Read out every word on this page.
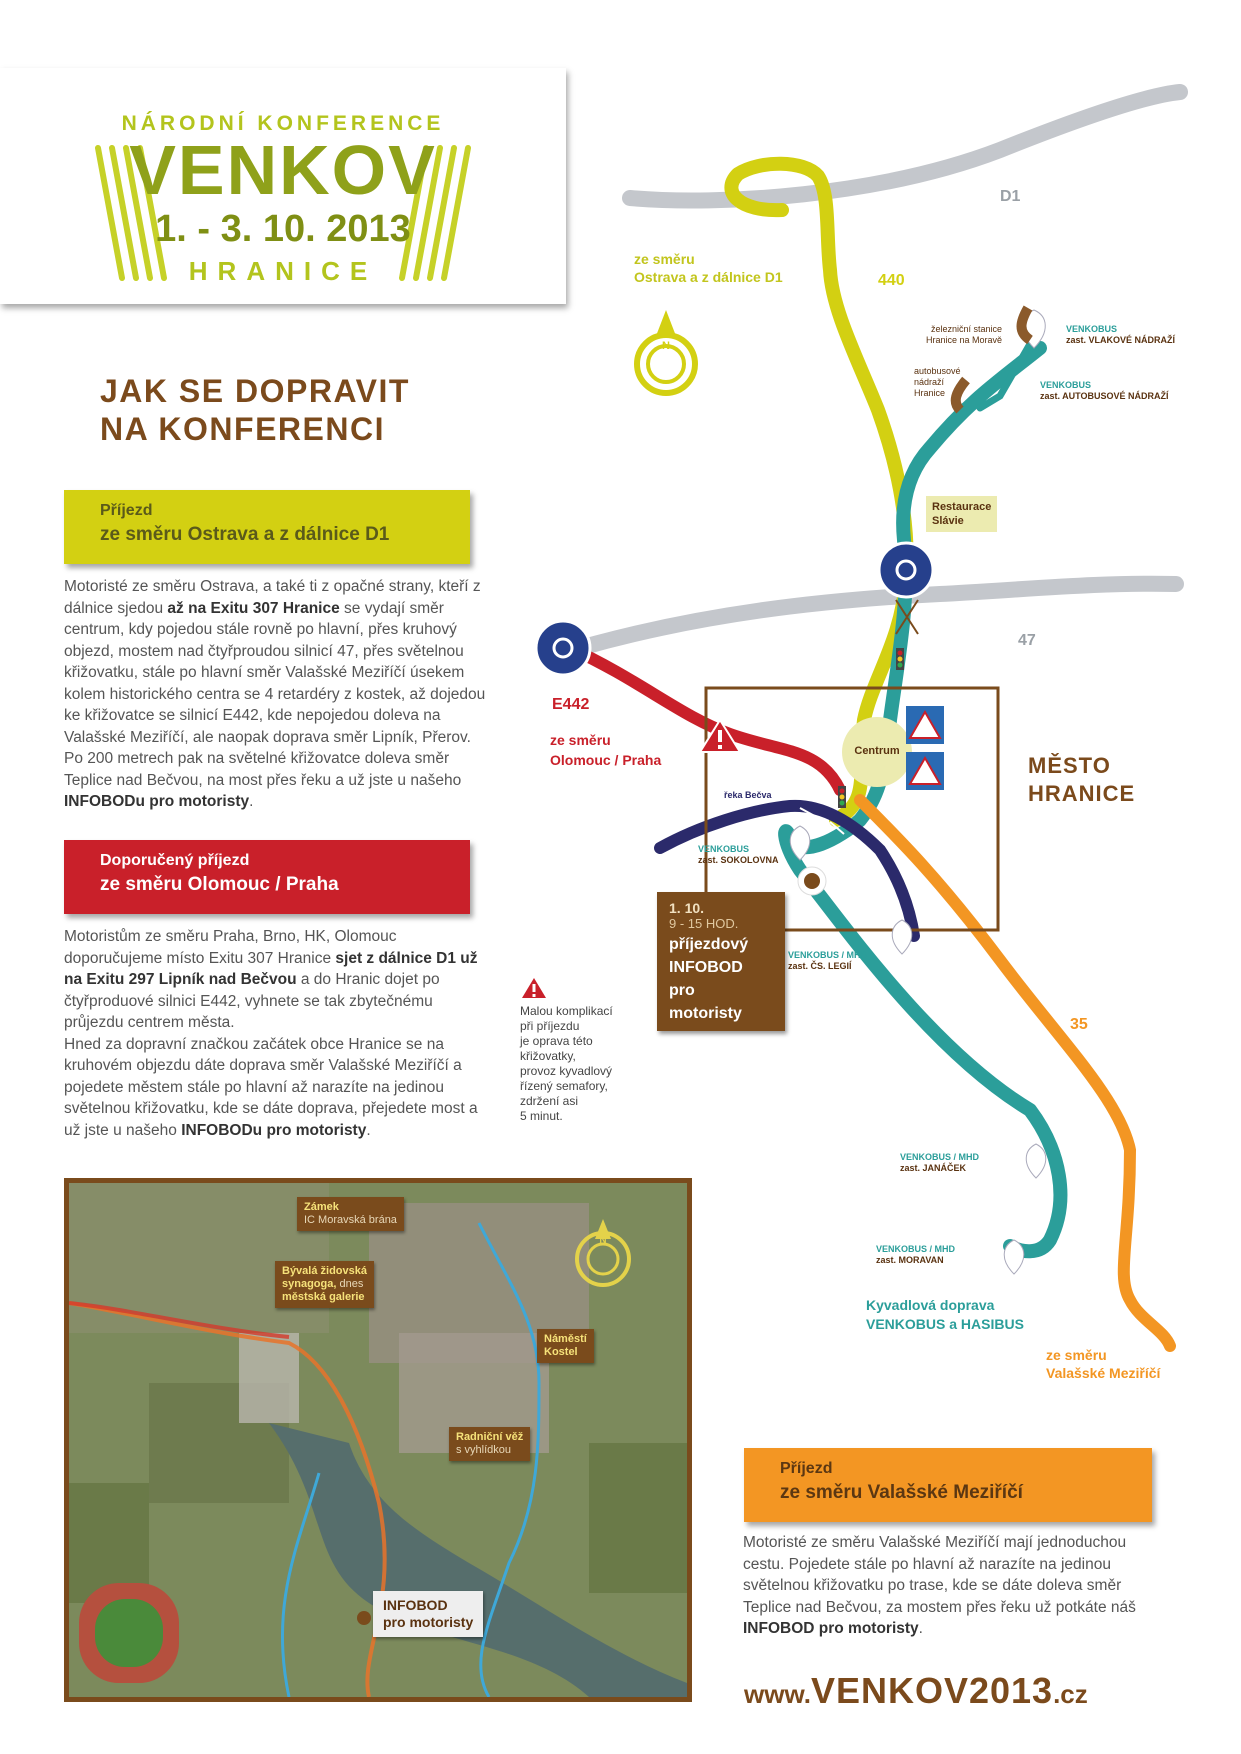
NÁRODNÍ KONFERENCE
VENKOV
1. - 3. 10. 2013
HRANICE
JAK SE DOPRAVIT
NA KONFERENCI
Příjezd
ze směru Ostrava a z dálnice D1
Motoristé ze směru Ostrava, a také ti z opačné strany, kteří z dálnice sjedou až na Exitu 307 Hranice se vydají směr centrum, kdy pojedou stále rovně po hlavní, přes kruhový objezd, mostem nad čtyřproudou silnicí 47, přes světelnou křižovatku, stále po hlavní směr Valašské Meziříčí úsekem kolem historického centra se 4 retardéry z kostek, až dojedou ke křižovatce se silnicí E442, kde nepojedou doleva na Valašské Meziříčí, ale naopak doprava směr Lipník, Přerov. Po 200 metrech pak na světelné křižovatce doleva směr Teplice nad Bečvou, na most přes řeku a už jste u našeho INFOBODu pro motoristy.
Doporučený příjezd
ze směru Olomouc / Praha
Motoristům ze směru Praha, Brno, HK, Olomouc doporučujeme místo Exitu 307 Hranice sjet z dálnice D1 už na Exitu 297 Lipník nad Bečvou a do Hranic dojet po čtyřproduové silnici E442, vyhnete se tak zbytečnému průjezdu centrem města.
Hned za dopravní značkou začátek obce Hranice se na kruhovém objezdu dáte doprava směr Valašské Meziříčí a pojedete městem stále po hlavní až narazíte na jedinou světelnou křižovatku, kde se dáte doprava, přejedete most a už jste u našeho INFOBODu pro motoristy.
Příjezd
ze směru Valašské Meziříčí
Motoristé ze směru Valašské Meziříčí mají jednoduchou cestu. Pojedete stále po hlavní až narazíte na jedinou světelnou křižovatku po trase, kde se dáte doleva směr Teplice nad Bečvou, za mostem přes řeku už potkáte náš INFOBOD pro motoristy.
www.VENKOV2013.cz
D1
440
47
35
E442
N
ze směru
Ostrava a z dálnice D1
ze směru
Olomouc / Praha
ze směru
Valašské Meziříčí
železniční stanice
Hranice na Moravě
autobusové
nádraží
Hranice
VENKOBUS
zast. VLAKOVÉ NÁDRAŽÍ
VENKOBUS
zast. AUTOBUSOVÉ NÁDRAŽÍ
Restaurace
Slávie
Centrum
MĚSTO
HRANICE
řeka Bečva
VENKOBUS
zast. SOKOLOVNA
VENKOBUS / MHD
zast. ČS. LEGIÍ
VENKOBUS / MHD
zast. JANÁČEK
VENKOBUS / MHD
zast. MORAVAN
1. 10.
9 - 15 HOD.
příjezdový
INFOBOD
pro
motoristy
Malou komplikací
při příjezdu
je oprava této
křižovatky,
provoz kyvadlový
řízený semafory,
zdržení asi
5 minut.
Kyvadlová doprava
VENKOBUS a HASIBUS
N
Zámek
IC Moravská brána
Bývalá židovská
synagoga, dnes
městská galerie
Náměstí
Kostel
Radniční věž
s vyhlídkou
INFOBOD
pro motoristy
